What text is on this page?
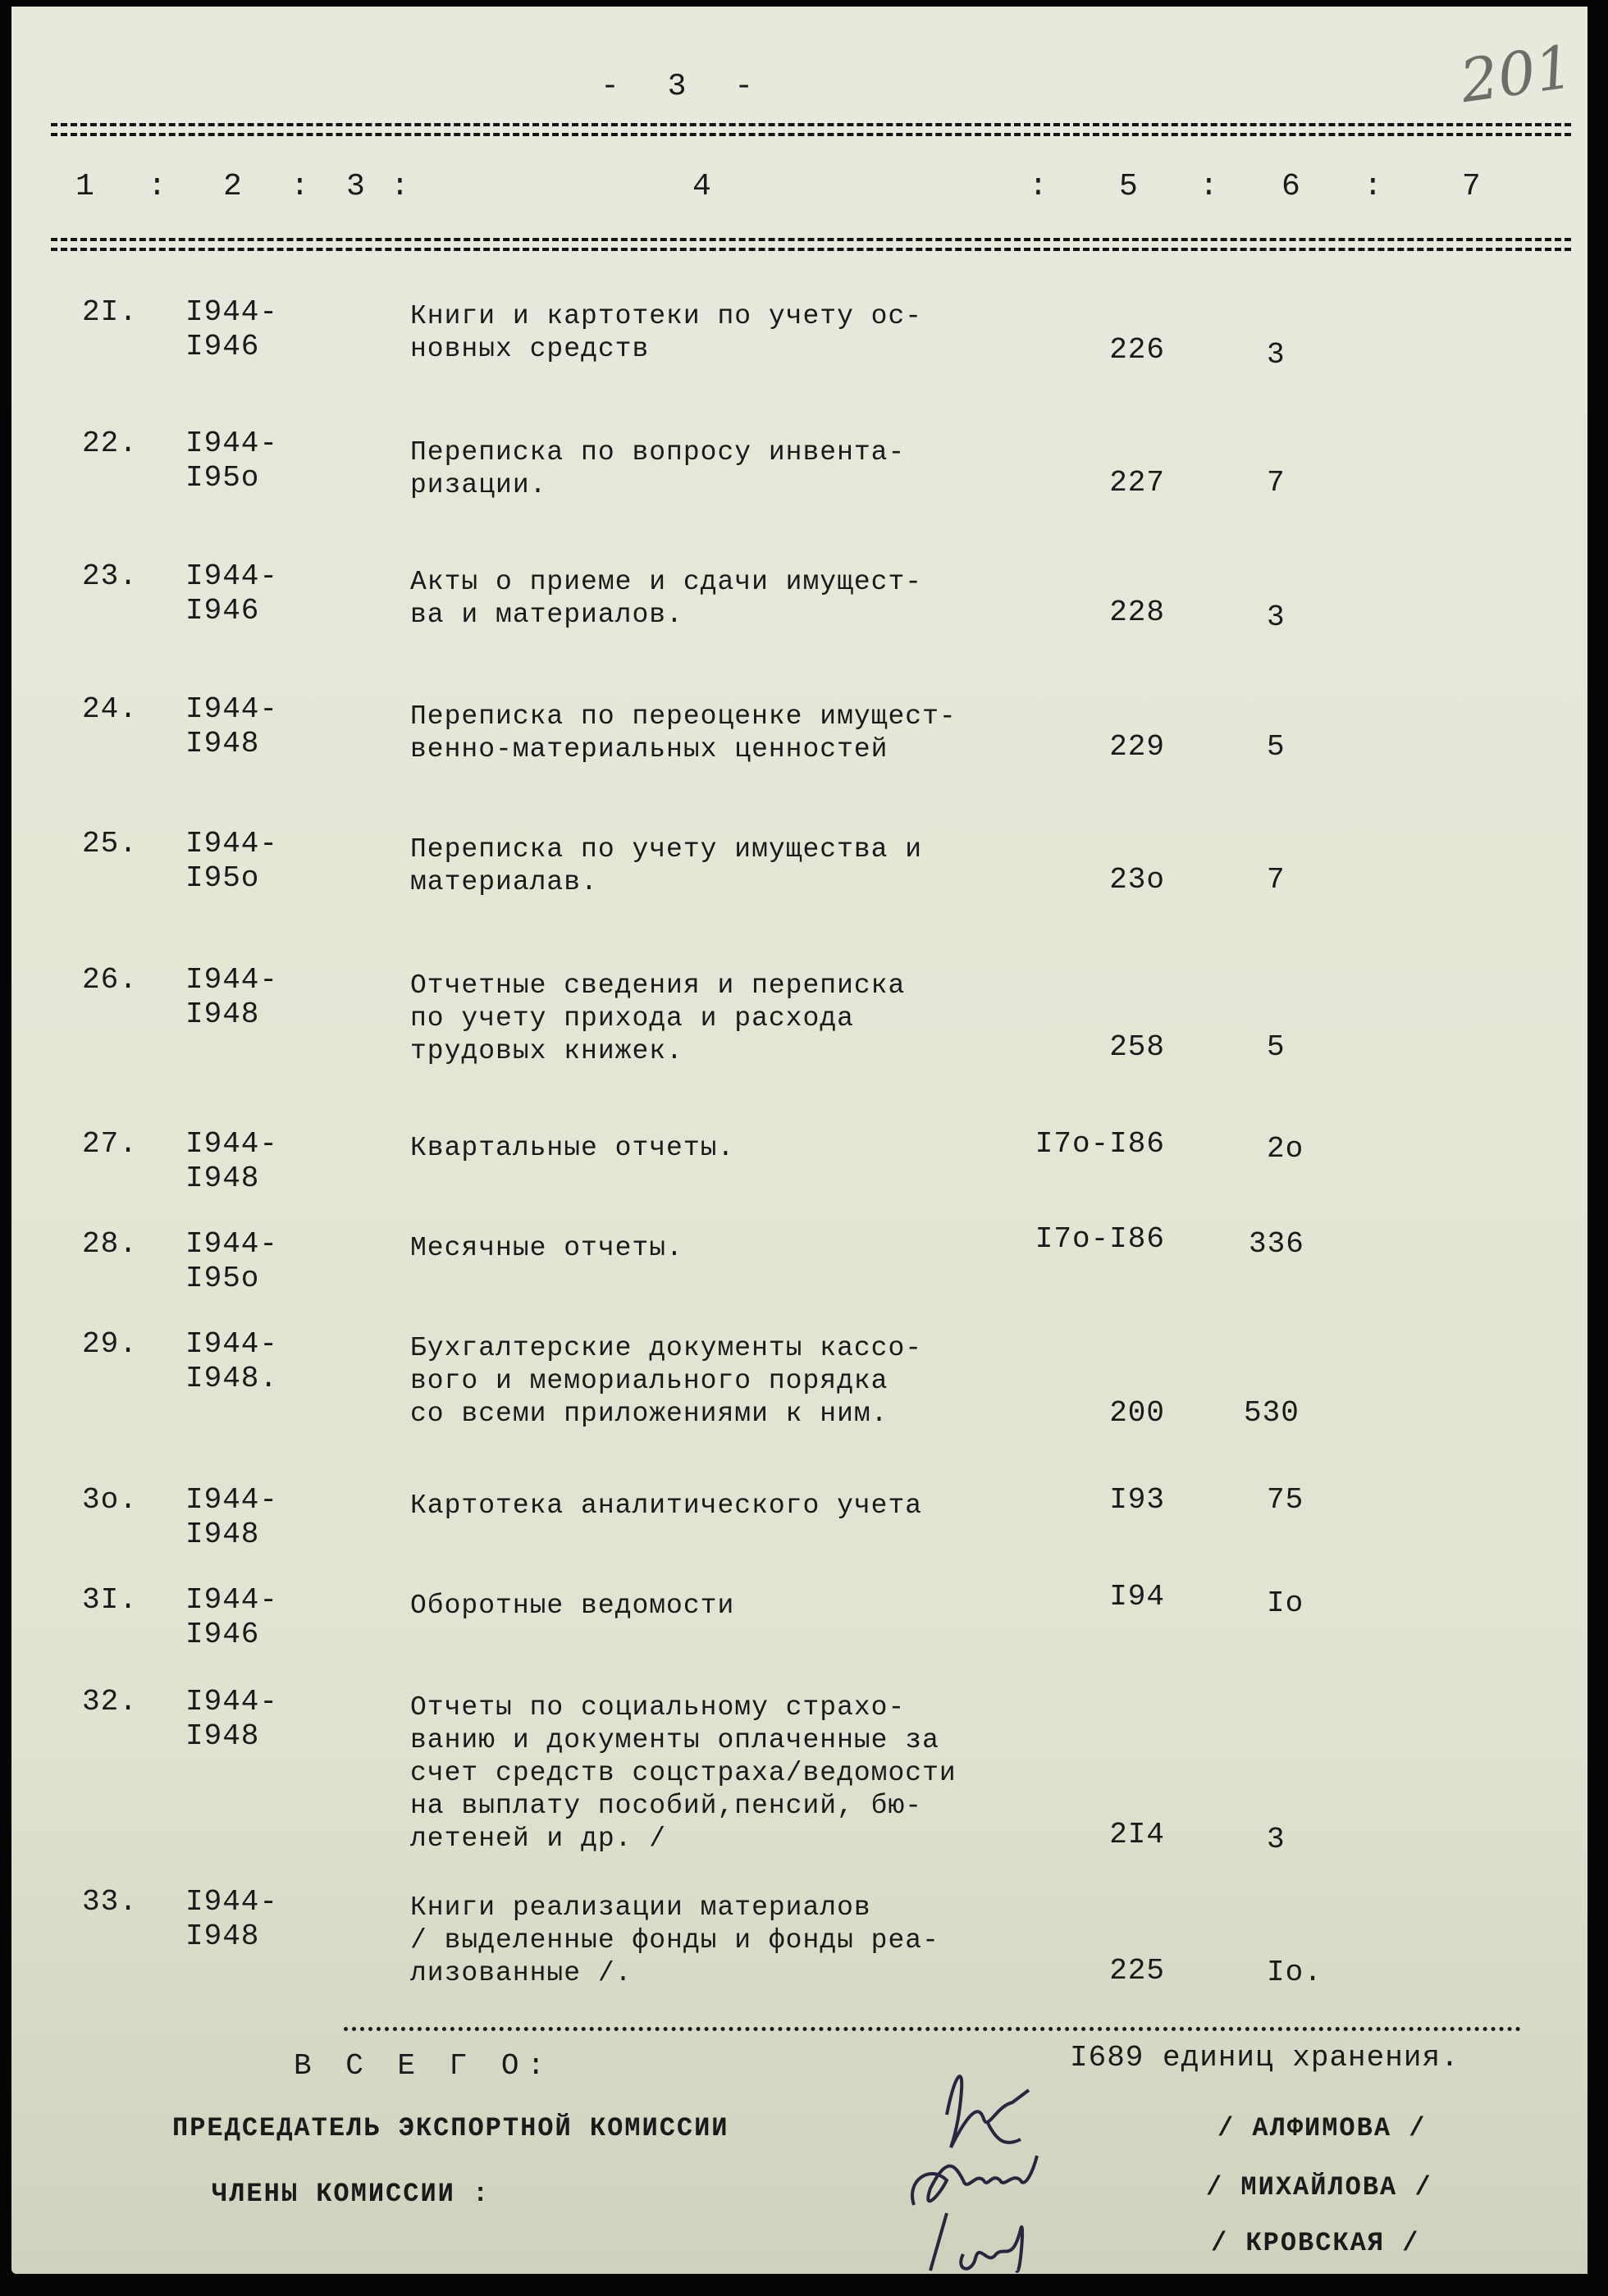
- 3 -	201
1 : 2 : 3 :	4	: 5 : 6 :	7
2I. I944-
I946
Книги и картотеки по учету ос-
новных средств	226	3
22. I944-
I95o
Переписка по вопросу инвента-
ризации.	227	7
23. I944-
I946
Акты о приеме и сдачи имущест-
ва и материалов.	228	3
24. I944-
I948
Переписка по переоценке имущест-
венно-материальных ценностей	229	5
25. I944-
I95o
Переписка по учету имущества и
материалав.	23o	7
26. I944-
I948
Отчетные сведения и переписка
по учету прихода и расхода
трудовых книжек.	258	5
27. I944-
I948
Квартальные отчеты.	I7o-I86	2o
28. I944-
I95o
Месячные отчеты.	I7o-I86	336
29. I944-
I948.
Бухгалтерские документы кассо-
вого и мемориального порядка
со всеми приложениями к ним.	200	530
3o. I944-
I948
Картотека аналитического учета	I93	75
3I. I944-
I946
Оборотные ведомости	I94	Io
32. I944-
I948
Отчеты по социальному страхо-
ванию и документы оплаченные за
счет средств соцстраха/ведомости
на выплату пособий,пенсий, бю-
летеней и др. /	2I4	3
33. I944-
I948
Книги реализации материалов
/ выделенные фонды и фонды реа-
лизованные /.	225	Io.
В С Е Г О:	I689 единиц хранения.
ПРЕДСЕДАТЕЛЬ ЭКСПОРТНОЙ КОМИССИИ
ЧЛЕНЫ КОМИССИИ :
/ АЛФИМОВА /
/ МИХАЙЛОВА /
/ КРОВСКАЯ /
